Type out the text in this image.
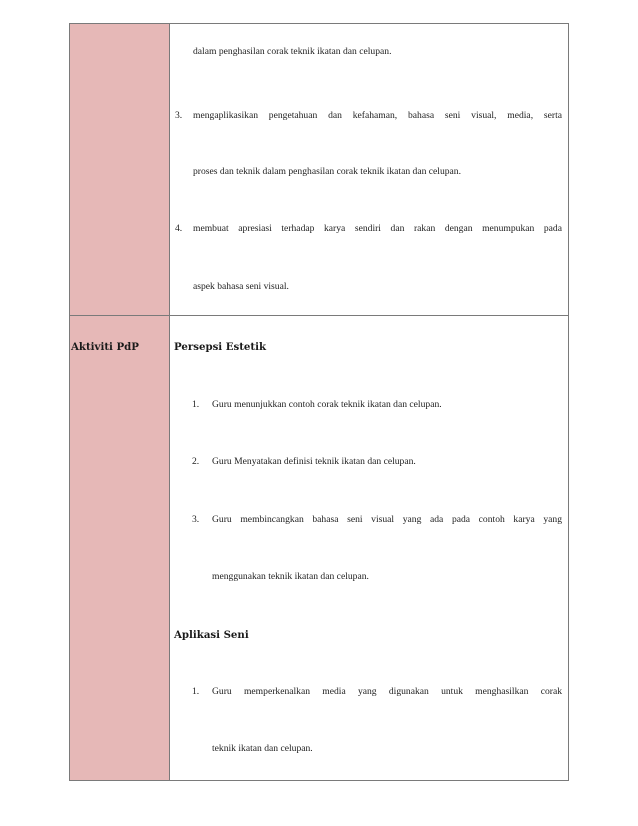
dalam penghasilan corak teknik ikatan dan celupan.
3. mengaplikasikan pengetahuan dan kefahaman, bahasa seni visual, media, serta
proses dan teknik dalam penghasilan corak teknik ikatan dan celupan.
4. membuat apresiasi terhadap karya sendiri dan rakan dengan menumpukan pada
aspek bahasa seni visual.
Aktiviti PdP	Persepsi Estetik
1. Guru menunjukkan contoh corak teknik ikatan dan celupan.
2. Guru Menyatakan definisi teknik ikatan dan celupan.
3. Guru membincangkan bahasa seni visual yang ada pada contoh karya yang
menggunakan teknik ikatan dan celupan.
Aplikasi Seni
1. Guru memperkenalkan media yang digunakan untuk menghasilkan corak
teknik ikatan dan celupan.
